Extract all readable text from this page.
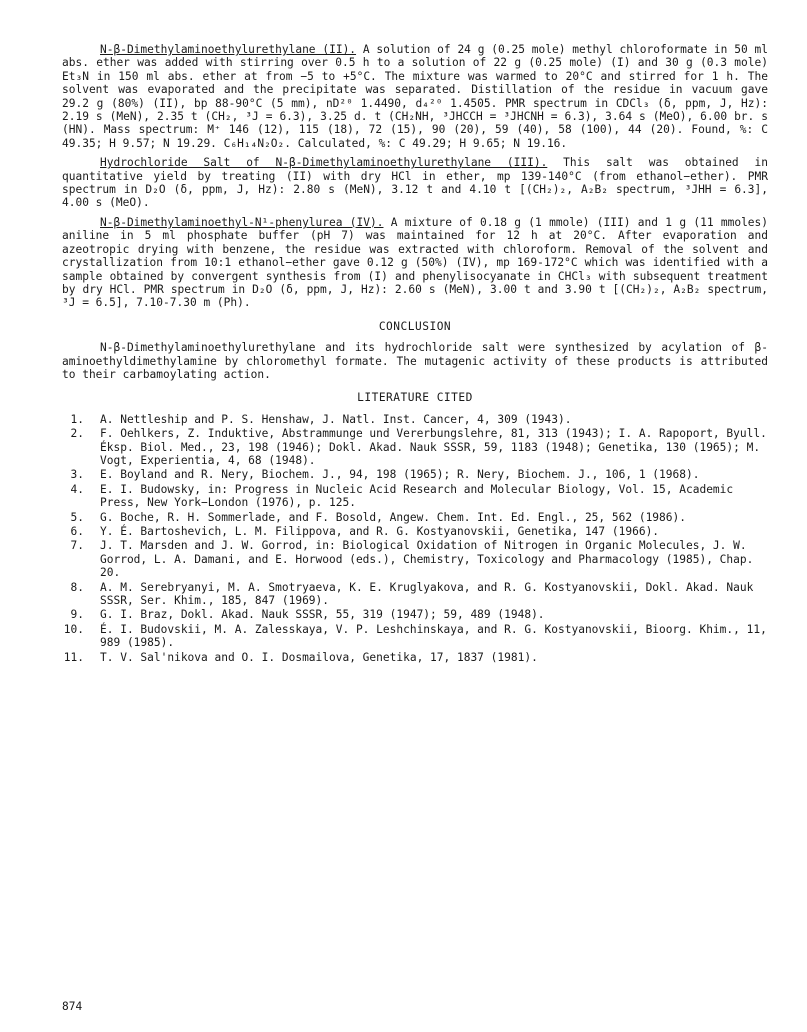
N-β-Dimethylaminoethylurethylane (II). A solution of 24 g (0.25 mole) methyl chloroformate in 50 ml abs. ether was added with stirring over 0.5 h to a solution of 22 g (0.25 mole) (I) and 30 g (0.3 mole) Et₃N in 150 ml abs. ether at from −5 to +5°C. The mixture was warmed to 20°C and stirred for 1 h. The solvent was evaporated and the precipitate was separated. Distillation of the residue in vacuum gave 29.2 g (80%) (II), bp 88-90°C (5 mm), nD²⁰ 1.4490, d₄²⁰ 1.4505. PMR spectrum in CDCl₃ (δ, ppm, J, Hz): 2.19 s (MeN), 2.35 t (CH₂, ³J = 6.3), 3.25 d. t (CH₂NH, ³JHCCH = ³JHCNH = 6.3), 3.64 s (MeO), 6.00 br. s (HN). Mass spectrum: M⁺ 146 (12), 115 (18), 72 (15), 90 (20), 59 (40), 58 (100), 44 (20). Found, %: C 49.35; H 9.57; N 19.29. C₆H₁₄N₂O₂. Calculated, %: C 49.29; H 9.65; N 19.16.

Hydrochloride Salt of N-β-Dimethylaminoethylurethylane (III). This salt was obtained in quantitative yield by treating (II) with dry HCl in ether, mp 139-140°C (from ethanol−ether). PMR spectrum in D₂O (δ, ppm, J, Hz): 2.80 s (MeN), 3.12 t and 4.10 t [(CH₂)₂, A₂B₂ spectrum, ³JHH = 6.3], 4.00 s (MeO).

N-β-Dimethylaminoethyl-N¹-phenylurea (IV). A mixture of 0.18 g (1 mmole) (III) and 1 g (11 mmoles) aniline in 5 ml phosphate buffer (pH 7) was maintained for 12 h at 20°C. After evaporation and azeotropic drying with benzene, the residue was extracted with chloroform. Removal of the solvent and crystallization from 10:1 ethanol−ether gave 0.12 g (50%) (IV), mp 169-172°C which was identified with a sample obtained by convergent synthesis from (I) and phenylisocyanate in CHCl₃ with subsequent treatment by dry HCl. PMR spectrum in D₂O (δ, ppm, J, Hz): 2.60 s (MeN), 3.00 t and 3.90 t [(CH₂)₂, A₂B₂ spectrum, ³J = 6.5], 7.10-7.30 m (Ph).

CONCLUSION

N-β-Dimethylaminoethylurethylane and its hydrochloride salt were synthesized by acylation of β-aminoethyldimethylamine by chloromethyl formate. The mutagenic activity of these products is attributed to their carbamoylating action.

LITERATURE CITED
1. A. Nettleship and P. S. Henshaw, J. Natl. Inst. Cancer, 4, 309 (1943).
2. F. Oehlkers, Z. Induktive, Abstrammunge und Vererbungslehre, 81, 313 (1943); I. A. Rapoport, Byull. Éksp. Biol. Med., 23, 198 (1946); Dokl. Akad. Nauk SSSR, 59, 1183 (1948); Genetika, 130 (1965); M. Vogt, Experientia, 4, 68 (1948).
3. E. Boyland and R. Nery, Biochem. J., 94, 198 (1965); R. Nery, Biochem. J., 106, 1 (1968).
4. E. I. Budowsky, in: Progress in Nucleic Acid Research and Molecular Biology, Vol. 15, Academic Press, New York−London (1976), p. 125.
5. G. Boche, R. H. Sommerlade, and F. Bosold, Angew. Chem. Int. Ed. Engl., 25, 562 (1986).
6. Y. É. Bartoshevich, L. M. Filippova, and R. G. Kostyanovskii, Genetika, 147 (1966).
7. J. T. Marsden and J. W. Gorrod, in: Biological Oxidation of Nitrogen in Organic Molecules, J. W. Gorrod, L. A. Damani, and E. Horwood (eds.), Chemistry, Toxicology and Pharmacology (1985), Chap. 20.
8. A. M. Serebryanyi, M. A. Smotryaeva, K. E. Kruglyakova, and R. G. Kostyanovskii, Dokl. Akad. Nauk SSSR, Ser. Khim., 185, 847 (1969).
9. G. I. Braz, Dokl. Akad. Nauk SSSR, 55, 319 (1947); 59, 489 (1948).
10. É. I. Budovskii, M. A. Zalesskaya, V. P. Leshchinskaya, and R. G. Kostyanovskii, Bioorg. Khim., 11, 989 (1985).
11. T. V. Sal'nikova and O. I. Dosmailova, Genetika, 17, 1837 (1981).
874
